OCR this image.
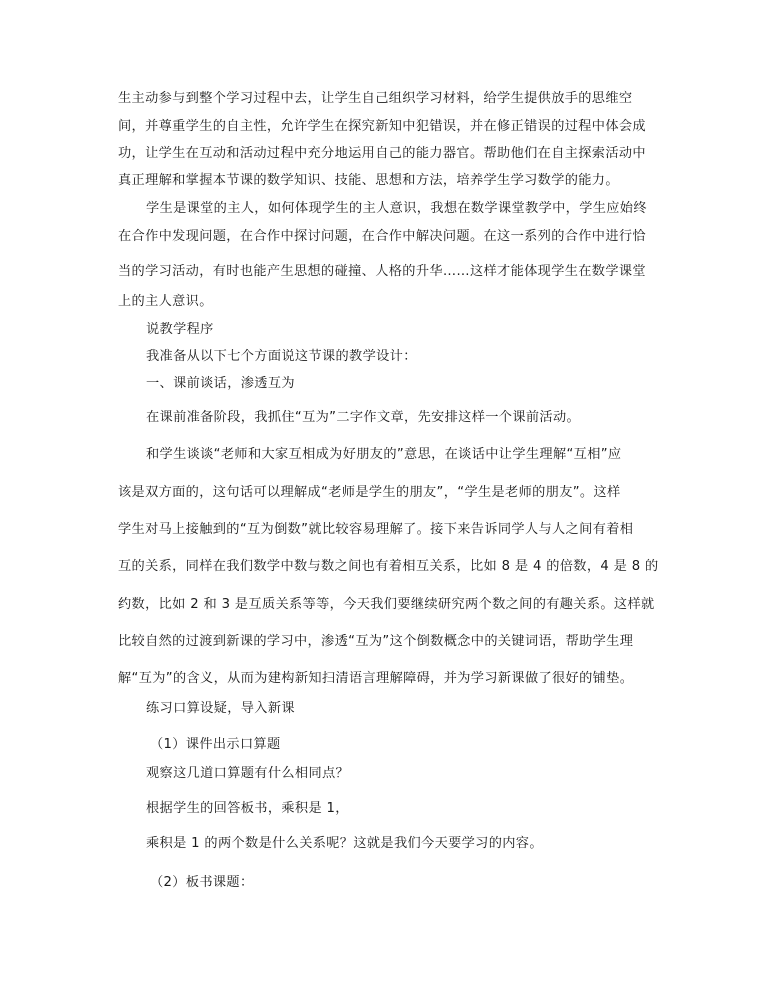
生主动参与到整个学习过程中去，让学生自己组织学习材料，给学生提供放手的思维空
间，并尊重学生的自主性，允许学生在探究新知中犯错误，并在修正错误的过程中体会成
功，让学生在互动和活动过程中充分地运用自己的能力器官。帮助他们在自主探索活动中
真正理解和掌握本节课的数学知识、技能、思想和方法，培养学生学习数学的能力。
学生是课堂的主人，如何体现学生的主人意识，我想在数学课堂教学中，学生应始终
在合作中发现问题，在合作中探讨问题，在合作中解决问题。在这一系列的合作中进行恰
当的学习活动，有时也能产生思想的碰撞、人格的升华……这样才能体现学生在数学课堂
上的主人意识。
说教学程序
我准备从以下七个方面说这节课的教学设计：
一、课前谈话，渗透互为
在课前准备阶段，我抓住“互为”二字作文章，先安排这样一个课前活动。
和学生谈谈“老师和大家互相成为好朋友的”意思，在谈话中让学生理解“互相”应
该是双方面的，这句话可以理解成“老师是学生的朋友”，“学生是老师的朋友”。这样
学生对马上接触到的“互为倒数”就比较容易理解了。接下来告诉同学人与人之间有着相
互的关系，同样在我们数学中数与数之间也有着相互关系，比如 8 是 4 的倍数，4 是 8 的
约数，比如 2 和 3 是互质关系等等，今天我们要继续研究两个数之间的有趣关系。这样就
比较自然的过渡到新课的学习中，渗透“互为”这个倒数概念中的关键词语，帮助学生理
解“互为”的含义，从而为建构新知扫清语言理解障碍，并为学习新课做了很好的铺垫。
练习口算设疑，导入新课
（1）课件出示口算题
观察这几道口算题有什么相同点？
根据学生的回答板书，乘积是 1，
乘积是 1 的两个数是什么关系呢？这就是我们今天要学习的内容。
（2）板书课题：
